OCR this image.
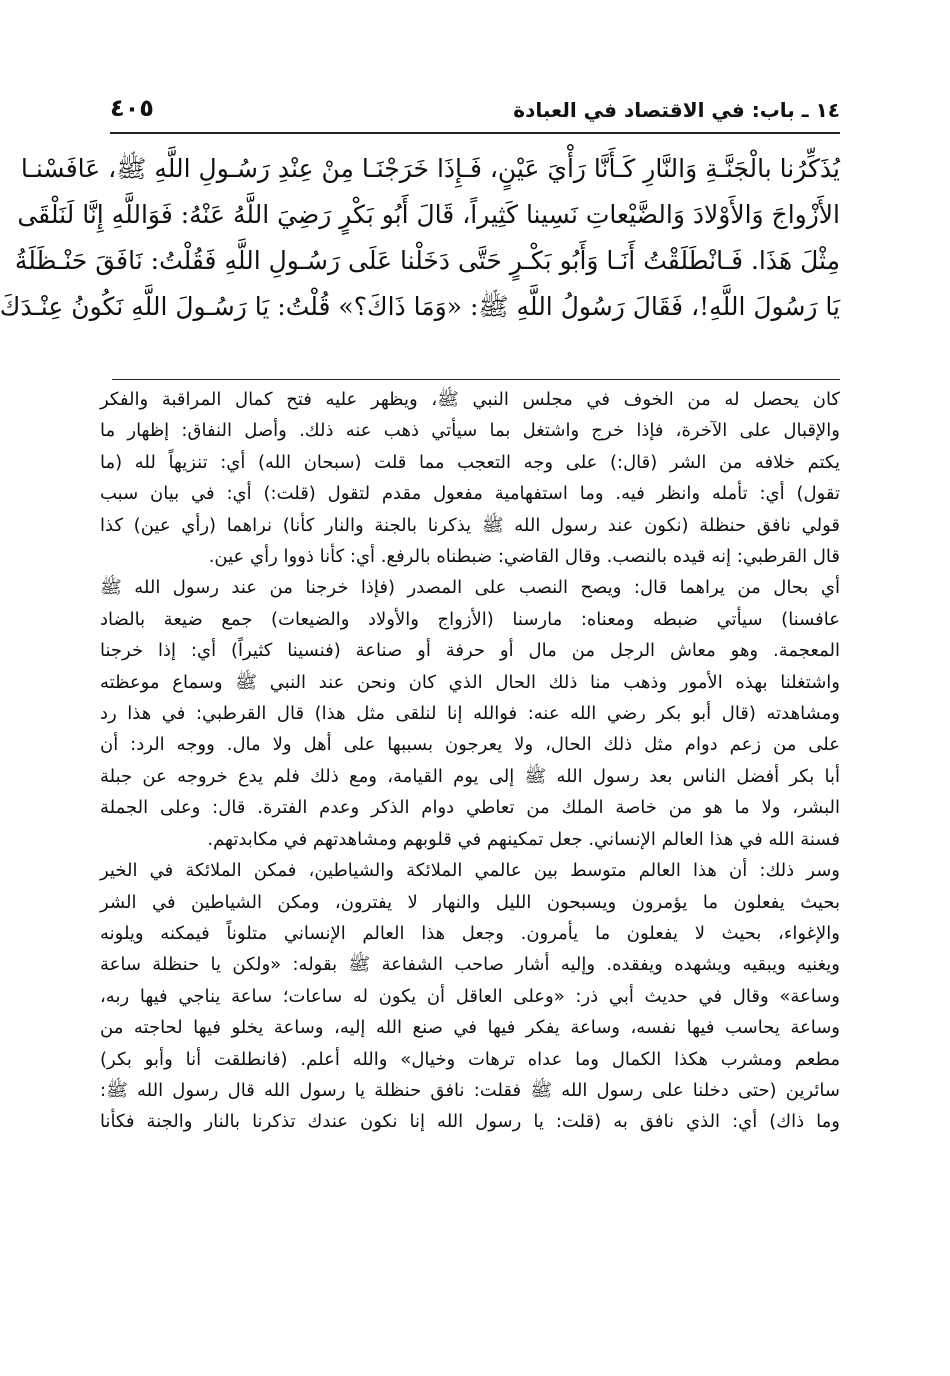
١٤ ـ باب: في الاقتصاد في العبادة
٤٠٥
يُذَكِّرُنا بالْجَنَّـةِ وَالنَّارِ كَـأَنَّا رَأْيَ عَيْنٍ، فَـإِذَا خَرَجْنَـا مِنْ عِنْدِ رَسُـولِ اللَّهِ ﷺ، عَافَسْنـا
الأَزْواجَ وَالأَوْلادَ وَالضَّيْعاتِ نَسِينا كَثِيراً، قَالَ أَبُو بَكْرٍ رَضِيَ اللَّهُ عَنْهُ: فَوَاللَّهِ إِنَّا لَنَلْقَى
مِثْلَ هَذَا. فَـانْطَلَقْتُ أَنَـا وَأَبُو بَكْـرٍ حَتَّى دَخَلْنا عَلَى رَسُـولِ اللَّهِ فَقُلْتُ: نَافَقَ حَنْـظَلَةُ
يَا رَسُولَ اللَّهِ!، فَقَالَ رَسُولُ اللَّهِ ﷺ: «وَمَا ذَاكَ؟» قُلْتُ: يَا رَسُـولَ اللَّهِ نَكُونُ عِنْـدَكَ
كان يحصل له من الخوف في مجلس النبي ﷺ، ويظهر عليه فتح كمال المراقبة والفكر
والإقبال على الآخرة، فإذا خرج واشتغل بما سيأتي ذهب عنه ذلك. وأصل النفاق: إظهار ما
يكتم خلافه من الشر (قال:) على وجه التعجب مما قلت (سبحان الله) أي: تنزيهاً لله (ما
تقول) أي: تأمله وانظر فيه. وما استفهامية مفعول مقدم لتقول (قلت:) أي: في بيان سبب
قولي نافق حنظلة (نكون عند رسول الله ﷺ يذكرنا بالجنة والنار كأنا) نراهما (رأي عين) كذا
قال القرطبي: إنه قيده بالنصب. وقال القاضي: ضبطناه بالرفع. أي: كأنا ذووا رأي عين.
أي بحال من يراهما قال: ويصح النصب على المصدر (فإذا خرجنا من عند رسول الله ﷺ
عافسنا) سيأتي ضبطه ومعناه: مارسنا (الأزواج والأولاد والضيعات) جمع ضيعة بالضاد
المعجمة. وهو معاش الرجل من مال أو حرفة أو صناعة (فنسينا كثيراً) أي: إذا خرجنا
واشتغلنا بهذه الأمور وذهب منا ذلك الحال الذي كان ونحن عند النبي ﷺ وسماع موعظته
ومشاهدته (قال أبو بكر رضي الله عنه: فوالله إنا لنلقى مثل هذا) قال القرطبي: في هذا رد
على من زعم دوام مثل ذلك الحال، ولا يعرجون بسببها على أهل ولا مال. ووجه الرد: أن
أبا بكر أفضل الناس بعد رسول الله ﷺ إلى يوم القيامة، ومع ذلك فلم يدع خروجه عن جبلة
البشر، ولا ما هو من خاصة الملك من تعاطي دوام الذكر وعدم الفترة. قال: وعلى الجملة
فسنة الله في هذا العالم الإنساني. جعل تمكينهم في قلوبهم ومشاهدتهم في مكابدتهم.
وسر ذلك: أن هذا العالم متوسط بين عالمي الملائكة والشياطين، فمكن الملائكة في الخير
بحيث يفعلون ما يؤمرون ويسبحون الليل والنهار لا يفترون، ومكن الشياطين في الشر
والإغواء، بحيث لا يفعلون ما يأمرون. وجعل هذا العالم الإنساني متلوناً فيمكنه ويلونه
ويغنيه ويبقيه ويشهده ويفقده. وإليه أشار صاحب الشفاعة ﷺ بقوله: «ولكن يا حنظلة ساعة
وساعة» وقال في حديث أبي ذر: «وعلى العاقل أن يكون له ساعات؛ ساعة يناجي فيها ربه،
وساعة يحاسب فيها نفسه، وساعة يفكر فيها في صنع الله إليه، وساعة يخلو فيها لحاجته من
مطعم ومشرب هكذا الكمال وما عداه ترهات وخيال» والله أعلم. (فانطلقت أنا وأبو بكر)
سائرين (حتى دخلنا على رسول الله ﷺ فقلت: نافق حنظلة يا رسول الله قال رسول الله ﷺ:
وما ذاك) أي: الذي نافق به (قلت: يا رسول الله إنا نكون عندك تذكرنا بالنار والجنة فكأنا
